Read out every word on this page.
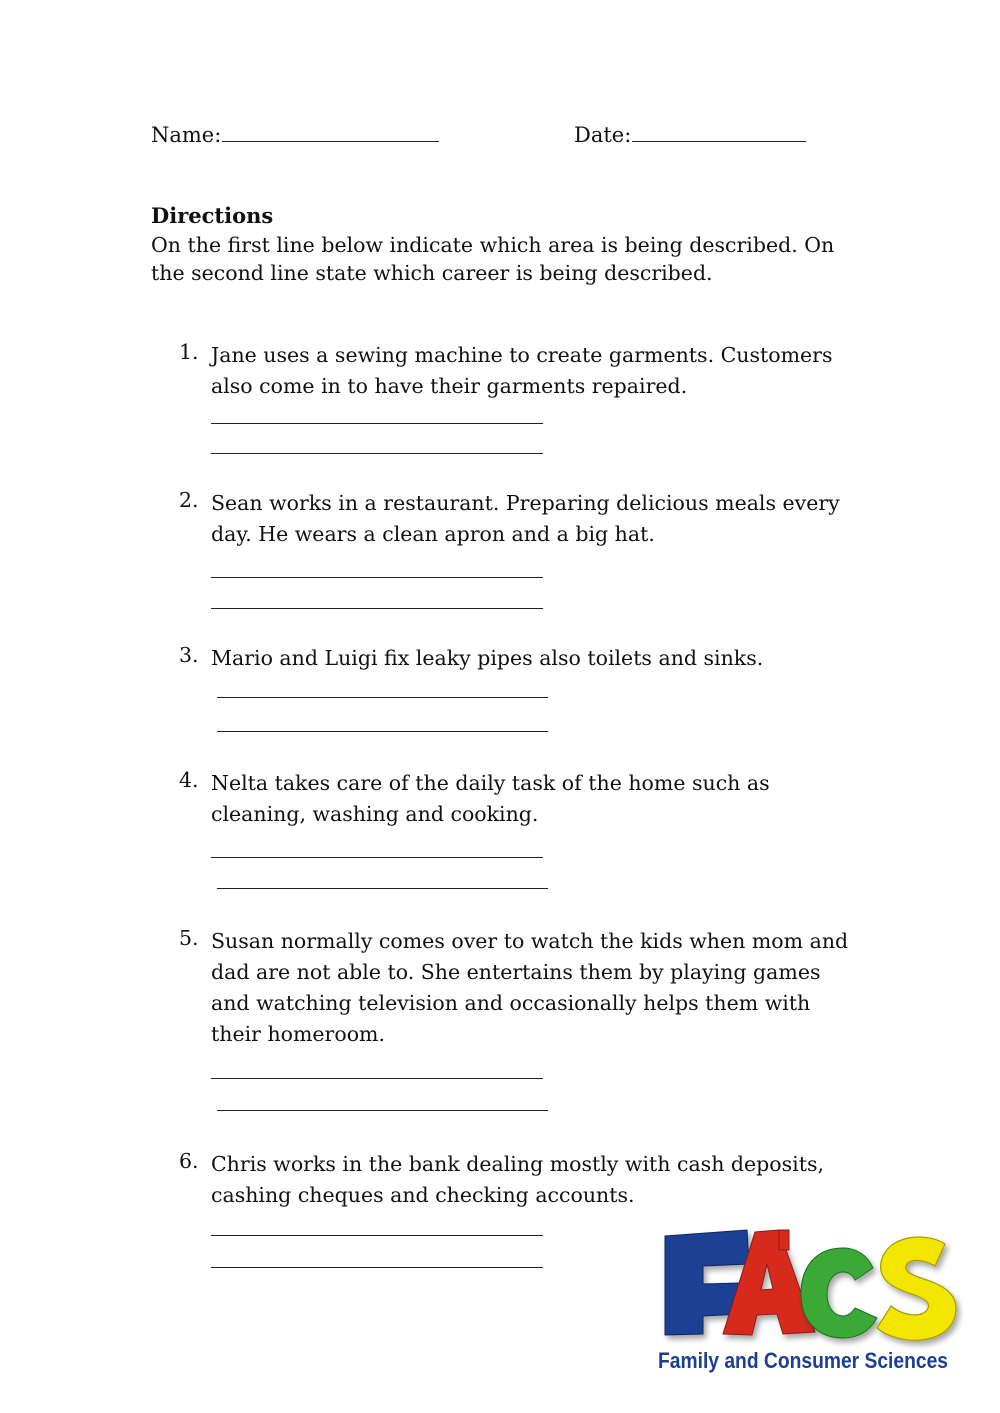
Name:	Date:
Directions
On the first line below indicate which area is being described. On the second line state which career is being described.
1. Jane uses a sewing machine to create garments. Customers also come in to have their garments repaired.
2. Sean works in a restaurant. Preparing delicious meals every day. He wears a clean apron and a big hat.
3. Mario and Luigi fix leaky pipes also toilets and sinks.
4. Nelta takes care of the daily task of the home such as cleaning, washing and cooking.
5. Susan normally comes over to watch the kids when mom and dad are not able to. She entertains them by playing games and watching television and occasionally helps them with their homeroom.
6. Chris works in the bank dealing mostly with cash deposits, cashing cheques and checking accounts.
Family and Consumer Sciences
